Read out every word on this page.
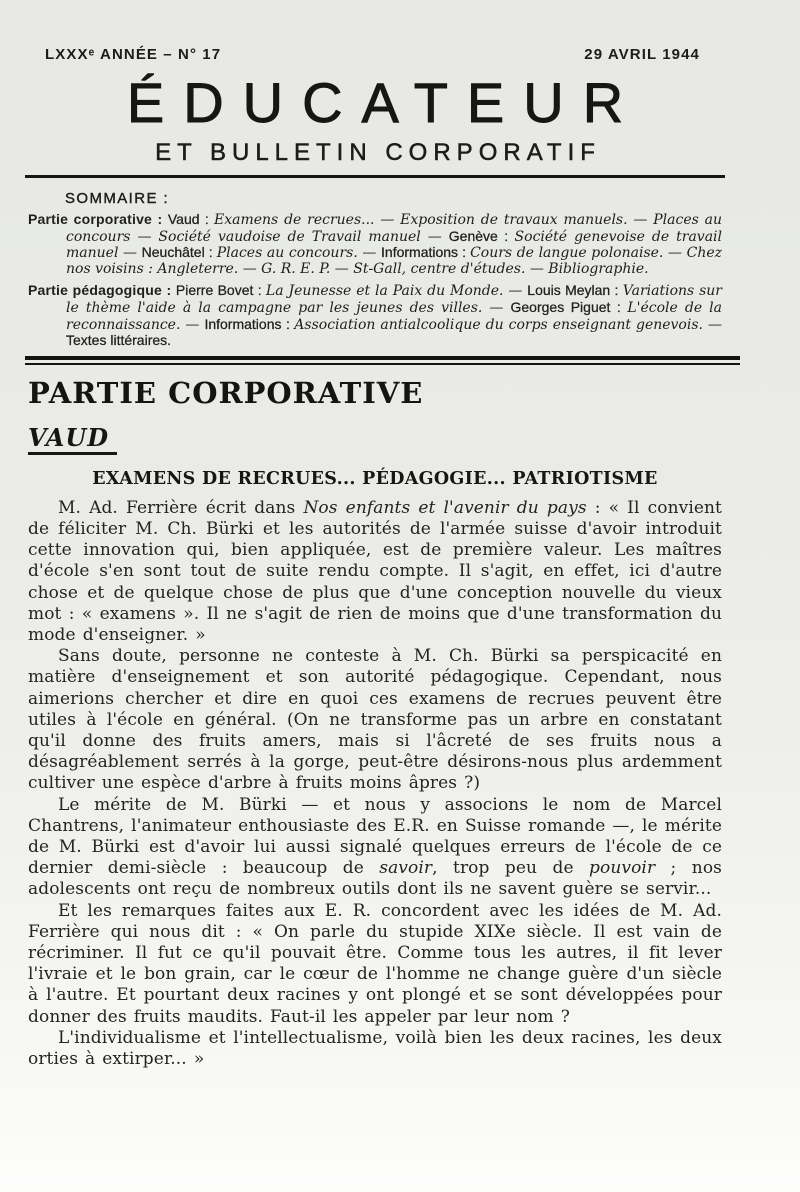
LXXXᵉ ANNÉE – N° 17	29 AVRIL 1944
ÉDUCATEUR
ET BULLETIN CORPORATIF
SOMMAIRE :

Partie corporative : Vaud : Examens de recrues... — Exposition de travaux manuels. — Places au concours — Société vaudoise de Travail manuel — Genève : Société genevoise de travail manuel — Neuchâtel : Places au concours. — Informations : Cours de langue polonaise. — Chez nos voisins : Angleterre. — G. R. E. P. — St-Gall, centre d'études. — Bibliographie.

Partie pédagogique : Pierre Bovet : La Jeunesse et la Paix du Monde. — Louis Meylan : Variations sur le thème l'aide à la campagne par les jeunes des villes. — Georges Piguet : L'école de la reconnaissance. — Informations : Association antialcoolique du corps enseignant genevois. — Textes littéraires.

PARTIE CORPORATIVE
VAUD
EXAMENS DE RECRUES... PÉDAGOGIE... PATRIOTISME

M. Ad. Ferrière écrit dans Nos enfants et l'avenir du pays : « Il convient de féliciter M. Ch. Bürki et les autorités de l'armée suisse d'avoir introduit cette innovation qui, bien appliquée, est de première valeur. Les maîtres d'école s'en sont tout de suite rendu compte. Il s'agit, en effet, ici d'autre chose et de quelque chose de plus que d'une conception nouvelle du vieux mot : « examens ». Il ne s'agit de rien de moins que d'une transformation du mode d'enseigner. »

Sans doute, personne ne conteste à M. Ch. Bürki sa perspicacité en matière d'enseignement et son autorité pédagogique. Cependant, nous aimerions chercher et dire en quoi ces examens de recrues peuvent être utiles à l'école en général. (On ne transforme pas un arbre en constatant qu'il donne des fruits amers, mais si l'âcreté de ses fruits nous a désagréablement serrés à la gorge, peut-être désirons-nous plus ardemment cultiver une espèce d'arbre à fruits moins âpres ?)

Le mérite de M. Bürki — et nous y associons le nom de Marcel Chantrens, l'animateur enthousiaste des E.R. en Suisse romande —, le mérite de M. Bürki est d'avoir lui aussi signalé quelques erreurs de l'école de ce dernier demi-siècle : beaucoup de savoir, trop peu de pouvoir ; nos adolescents ont reçu de nombreux outils dont ils ne savent guère se servir...

Et les remarques faites aux E. R. concordent avec les idées de M. Ad. Ferrière qui nous dit : « On parle du stupide XIXe siècle. Il est vain de récriminer. Il fut ce qu'il pouvait être. Comme tous les autres, il fit lever l'ivraie et le bon grain, car le cœur de l'homme ne change guère d'un siècle à l'autre. Et pourtant deux racines y ont plongé et se sont développées pour donner des fruits maudits. Faut-il les appeler par leur nom ?

L'individualisme et l'intellectualisme, voilà bien les deux racines, les deux orties à extirper... »
